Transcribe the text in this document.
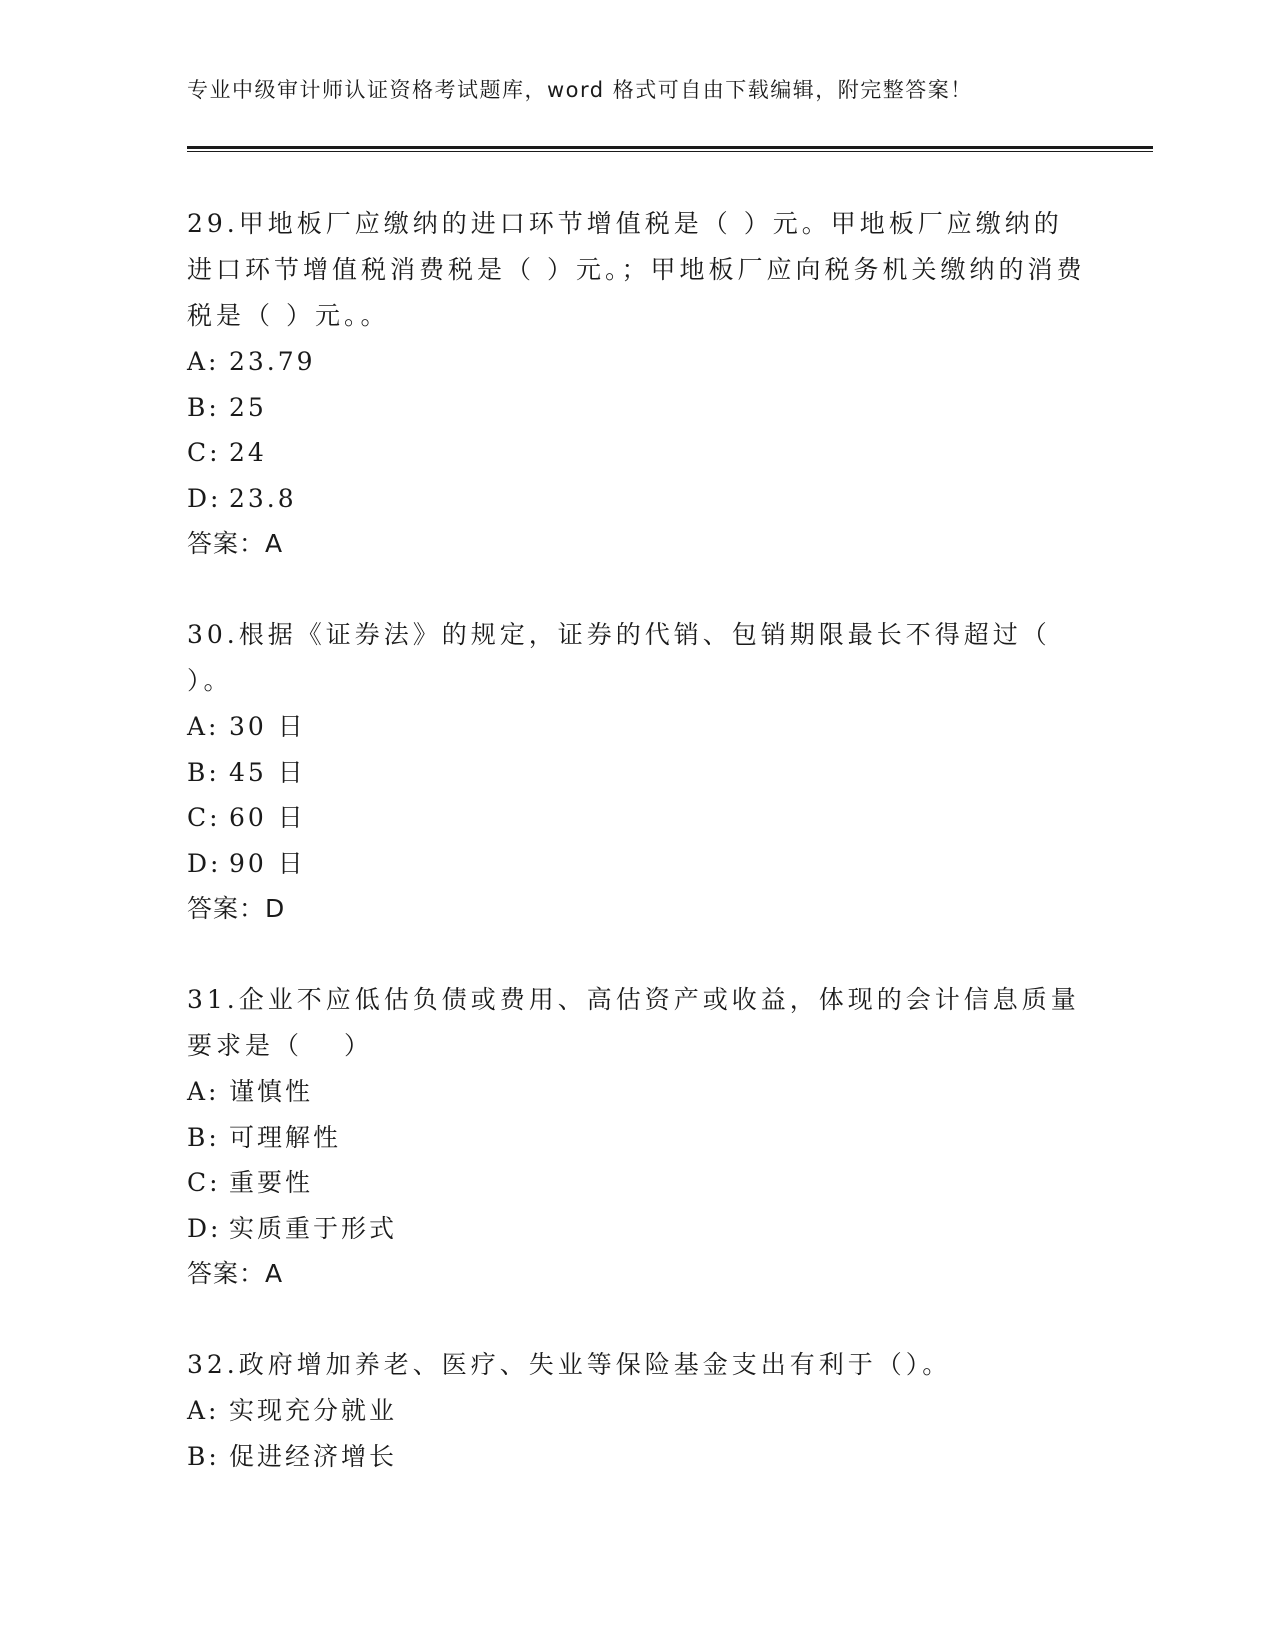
专业中级审计师认证资格考试题库，word 格式可自由下载编辑，附完整答案！

29.甲地板厂应缴纳的进口环节增值税是（ ）元。甲地板厂应缴纳的进口环节增值税消费税是（ ）元。；甲地板厂应向税务机关缴纳的消费税是（ ）元。。

A: 23.79

B: 25

C: 24

D: 23.8

答案：A

30.根据《证券法》的规定，证券的代销、包销期限最长不得超过（ ）。

A: 30 日

B: 45 日

C: 60 日

D: 90 日

答案：D

31.企业不应低估负债或费用、高估资产或收益，体现的会计信息质量要求是（　 ）

A: 谨慎性

B: 可理解性

C: 重要性

D: 实质重于形式

答案：A

32.政府增加养老、医疗、失业等保险基金支出有利于（）。

A: 实现充分就业

B: 促进经济增长
